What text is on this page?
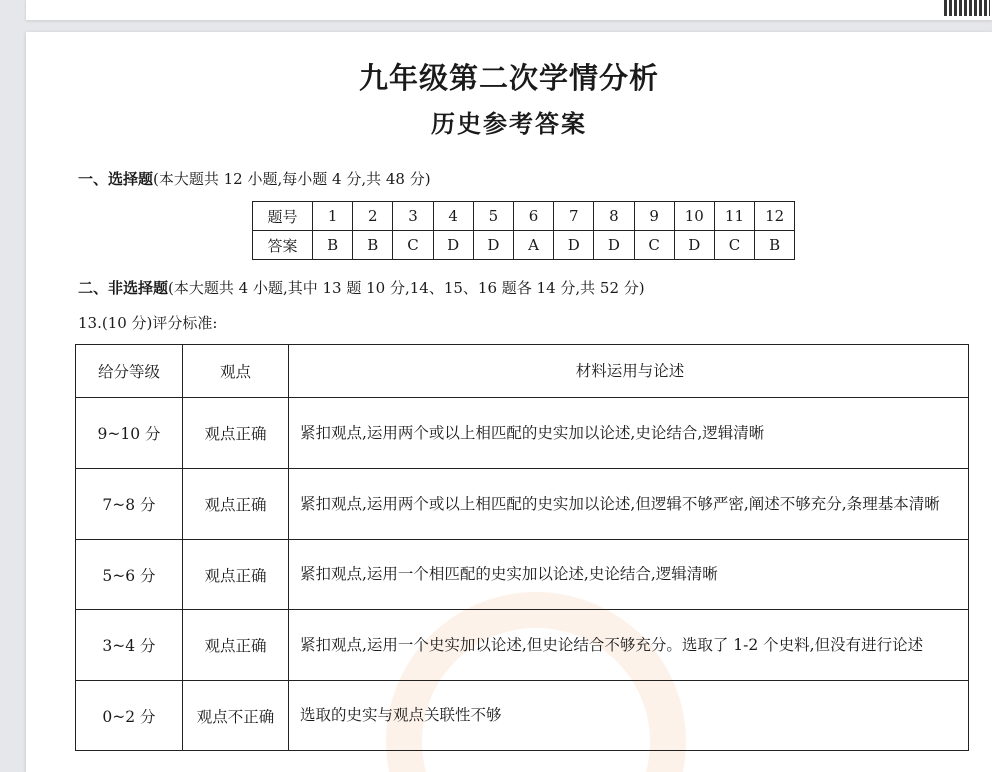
九年级第二次学情分析
历史参考答案
一、选择题(本大题共 12 小题,每小题 4 分,共 48 分)
题号	1	2	3	4	5	6	7	8	9	10	11	12
答案	B	B	C	D	D	A	D	D	C	D	C	B
二、非选择题(本大题共 4 小题,其中 13 题 10 分,14、15、16 题各 14 分,共 52 分)
13.(10 分)评分标准:
给分等级	观点	材料运用与论述
9~10 分	观点正确	紧扣观点,运用两个或以上相匹配的史实加以论述,史论结合,逻辑清晰
7~8 分	观点正确	紧扣观点,运用两个或以上相匹配的史实加以论述,但逻辑不够严密,阐述不够充分,条理基本清晰
5~6 分	观点正确	紧扣观点,运用一个相匹配的史实加以论述,史论结合,逻辑清晰
3~4 分	观点正确	紧扣观点,运用一个史实加以论述,但史论结合不够充分。选取了 1-2 个史料,但没有进行论述
0~2 分	观点不正确	选取的史实与观点关联性不够
